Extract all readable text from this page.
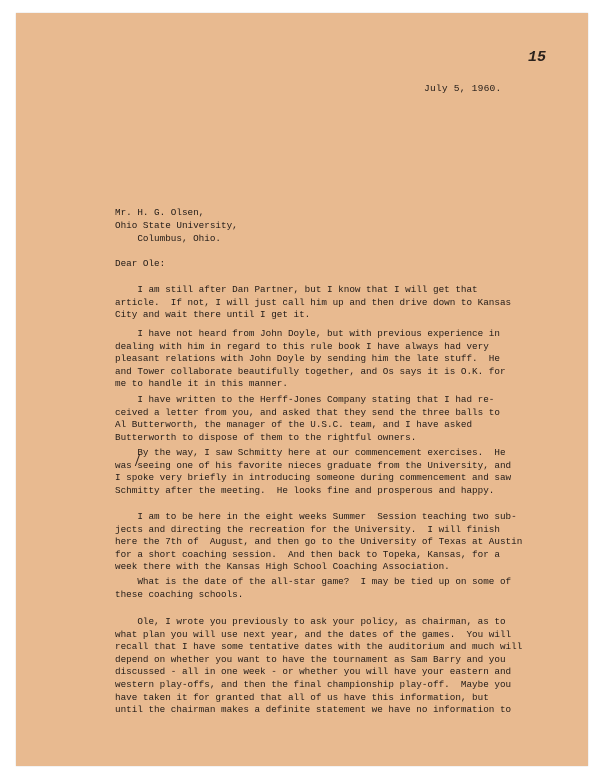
15
July 5, 1960.
Mr. H. G. Olsen,
Ohio State University,
Columbus, Ohio.
Dear Ole:
I am still after Dan Partner, but I know that I will get that
article.  If not, I will just call him up and then drive down to Kansas
City and wait there until I get it.
I have not heard from John Doyle, but with previous experience in
dealing with him in regard to this rule book I have always had very
pleasant relations with John Doyle by sending him the late stuff.  He
and Tower collaborate beautifully together, and Os says it is O.K. for
me to handle it in this manner.
I have written to the Herff-Jones Company stating that I had re-
ceived a letter from you, and asked that they send the three balls to
Al Butterworth, the manager of the U.S.C. team, and I have asked
Butterworth to dispose of them to the rightful owners.
By the way, I saw Schmitty here at our commencement exercises.  He
was seeing one of his favorite nieces graduate from the University, and
I spoke very briefly in introducing someone during commencement and saw
Schmitty after the meeting.  He looks fine and prosperous and happy.
I am to be here in the eight weeks Summer  Session teaching two sub-
jects and directing the recreation for the University.  I will finish
here the 7th of  August, and then go to the University of Texas at Austin
for a short coaching session.  And then back to Topeka, Kansas, for a
week there with the Kansas High School Coaching Association.
What is the date of the all-star game?  I may be tied up on some of
these coaching schools.
Ole, I wrote you previously to ask your policy, as chairman, as to
what plan you will use next year, and the dates of the games.  You will
recall that I have some tentative dates with the auditorium and much will
depend on whether you want to have the tournament as Sam Barry and you
discussed - all in one week - or whether you will have your eastern and
western play-offs, and then the final championship play-off.  Maybe you
have taken it for granted that all of us have this information, but
until the chairman makes a definite statement we have no information to
